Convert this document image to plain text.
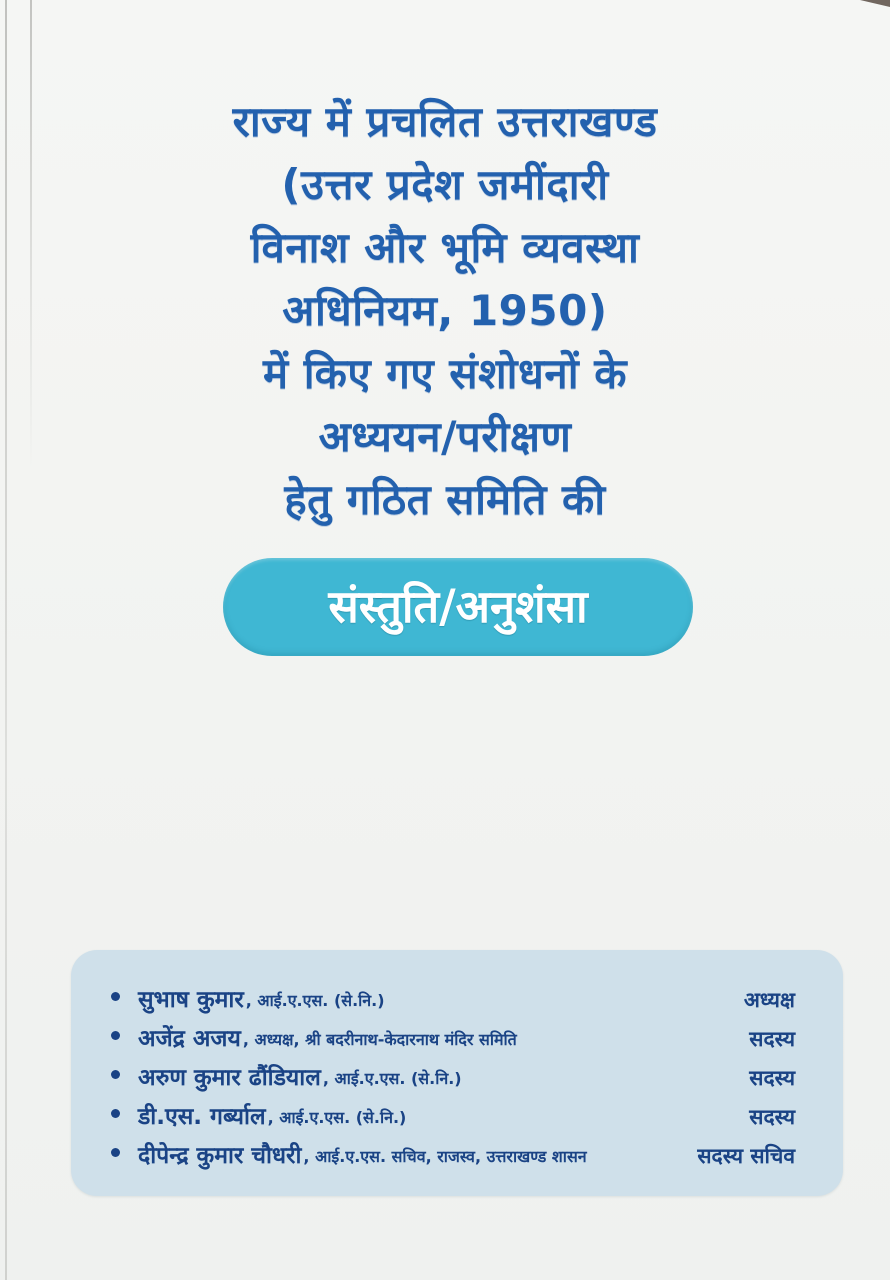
राज्य में प्रचलित उत्तराखण्ड
(उत्तर प्रदेश जमींदारी
विनाश और भूमि व्यवस्था
अधिनियम, 1950)
में किए गए संशोधनों के
अध्ययन/परीक्षण
हेतु गठित समिति की
संस्तुति/अनुशंसा
सुभाष कुमार , आई.ए.एस. (से.नि.)	अध्यक्ष
अजेंद्र अजय , अध्यक्ष, श्री बदरीनाथ-केदारनाथ मंदिर समिति	सदस्य
अरुण कुमार ढौंडियाल , आई.ए.एस. (से.नि.)	सदस्य
डी.एस. गर्ब्याल , आई.ए.एस. (से.नि.)	सदस्य
दीपेन्द्र कुमार चौधरी , आई.ए.एस. सचिव, राजस्व, उत्तराखण्ड शासन	सदस्य सचिव
